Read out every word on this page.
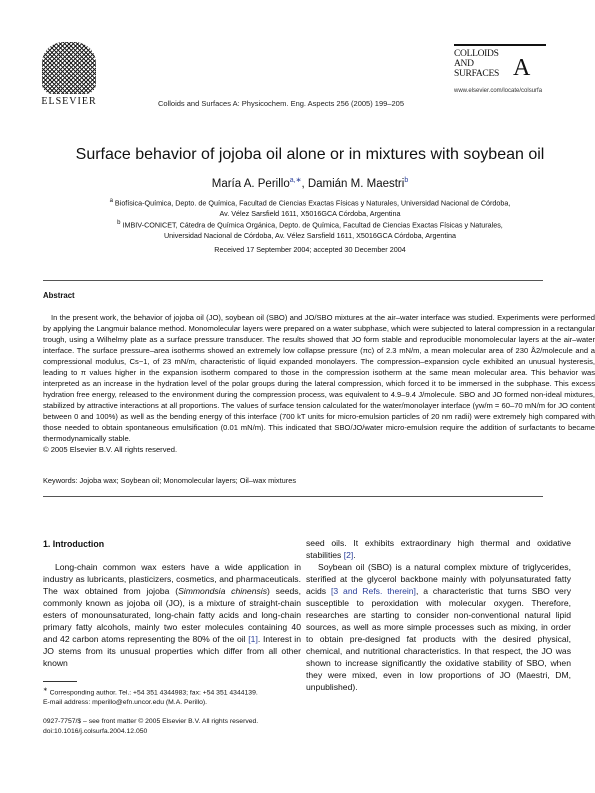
ELSEVIER	Colloids and Surfaces A: Physicochem. Eng. Aspects 256 (2005) 199–205
COLLOIDS
AND
SURFACES A
www.elsevier.com/locate/colsurfa
Surface behavior of jojoba oil alone or in mixtures with soybean oil
María A. Perillo$^{a,∗}$, Damián M. Maestri$^b$
$^a$ Biofísica-Química, Depto. de Química, Facultad de Ciencias Exactas Físicas y Naturales, Universidad Nacional de Córdoba,
Av. Vélez Sarsfield 1611, X5016GCA Córdoba, Argentina
$^b$ IMBIV-CONICET, Cátedra de Química Orgánica, Depto. de Química, Facultad de Ciencias Exactas Físicas y Naturales,
Universidad Nacional de Córdoba, Av. Vélez Sarsfield 1611, X5016GCA Córdoba, Argentina
Received 17 September 2004; accepted 30 December 2004
Abstract

In the present work, the behavior of jojoba oil (JO), soybean oil (SBO) and JO/SBO mixtures at the air–water interface was studied. Experiments were performed by applying the Langmuir balance method. Monomolecular layers were prepared on a water subphase, which were subjected to lateral compression in a rectangular trough, using a Wilhelmy plate as a surface pressure transducer. The results showed that JO form stable and reproducible monomolecular layers at the air–water interface. The surface pressure–area isotherms showed an extremely low collapse pressure (πc) of 2.3 mN/m, a mean molecular area of 230 Å2/molecule and a compressional modulus, Cs−1, of 23 mN/m, characteristic of liquid expanded monolayers. The compression–expansion cycle exhibited an unusual hysteresis, leading to π values higher in the expansion isotherm compared to those in the compression isotherm at the same mean molecular area. This behavior was interpreted as an increase in the hydration level of the polar groups during the lateral compression, which forced it to be immersed in the subphase. This excess hydration free energy, released to the environment during the compression process, was equivalent to 4.9–9.4 J/molecule. SBO and JO formed non-ideal mixtures, stabilized by attractive interactions at all proportions. The values of surface tension calculated for the water/monolayer interface (γw/m = 60–70 mN/m for JO content between 0 and 100%) as well as the bending energy of this interface (700 kT units for micro-emulsion particles of 20 nm radii) were extremely high compared with those needed to obtain spontaneous emulsification (0.01 mN/m). This indicated that SBO/JO/water micro-emulsion require the addition of surfactants to became thermodynamically stable.

© 2005 Elsevier B.V. All rights reserved.
Keywords: Jojoba wax; Soybean oil; Monomolecular layers; Oil–wax mixtures
1. Introduction

Long-chain common wax esters have a wide application in industry as lubricants, plasticizers, cosmetics, and pharmaceuticals. The wax obtained from jojoba (Simmondsia chinensis) seeds, commonly known as jojoba oil (JO), is a mixture of straight-chain esters of monounsaturated, long-chain fatty acids and long-chain primary fatty alcohols, mainly two ester molecules containing 40 and 42 carbon atoms representing the 80% of the oil [1]. Interest in JO stems from its unusual properties which differ from all other known

seed oils. It exhibits extraordinary high thermal and oxidative stabilities [2].

Soybean oil (SBO) is a natural complex mixture of triglycerides, sterified at the glycerol backbone mainly with polyunsaturated fatty acids [3 and Refs. therein], a characteristic that turns SBO very susceptible to peroxidation with molecular oxygen. Therefore, researches are starting to consider non-conventional natural lipid sources, as well as more simple processes such as mixing, in order to obtain pre-designed fat products with the desired physical, chemical, and nutritional characteristics. In that respect, the JO was shown to increase significantly the oxidative stability of SBO, when they were mixed, even in low proportions of JO (Maestri, DM, unpublished).

∗ Corresponding author. Tel.: +54 351 4344983; fax: +54 351 4344139.
E-mail address: mperillo@efn.uncor.edu (M.A. Perillo).
0927-7757/$ – see front matter © 2005 Elsevier B.V. All rights reserved.
doi:10.1016/j.colsurfa.2004.12.050
